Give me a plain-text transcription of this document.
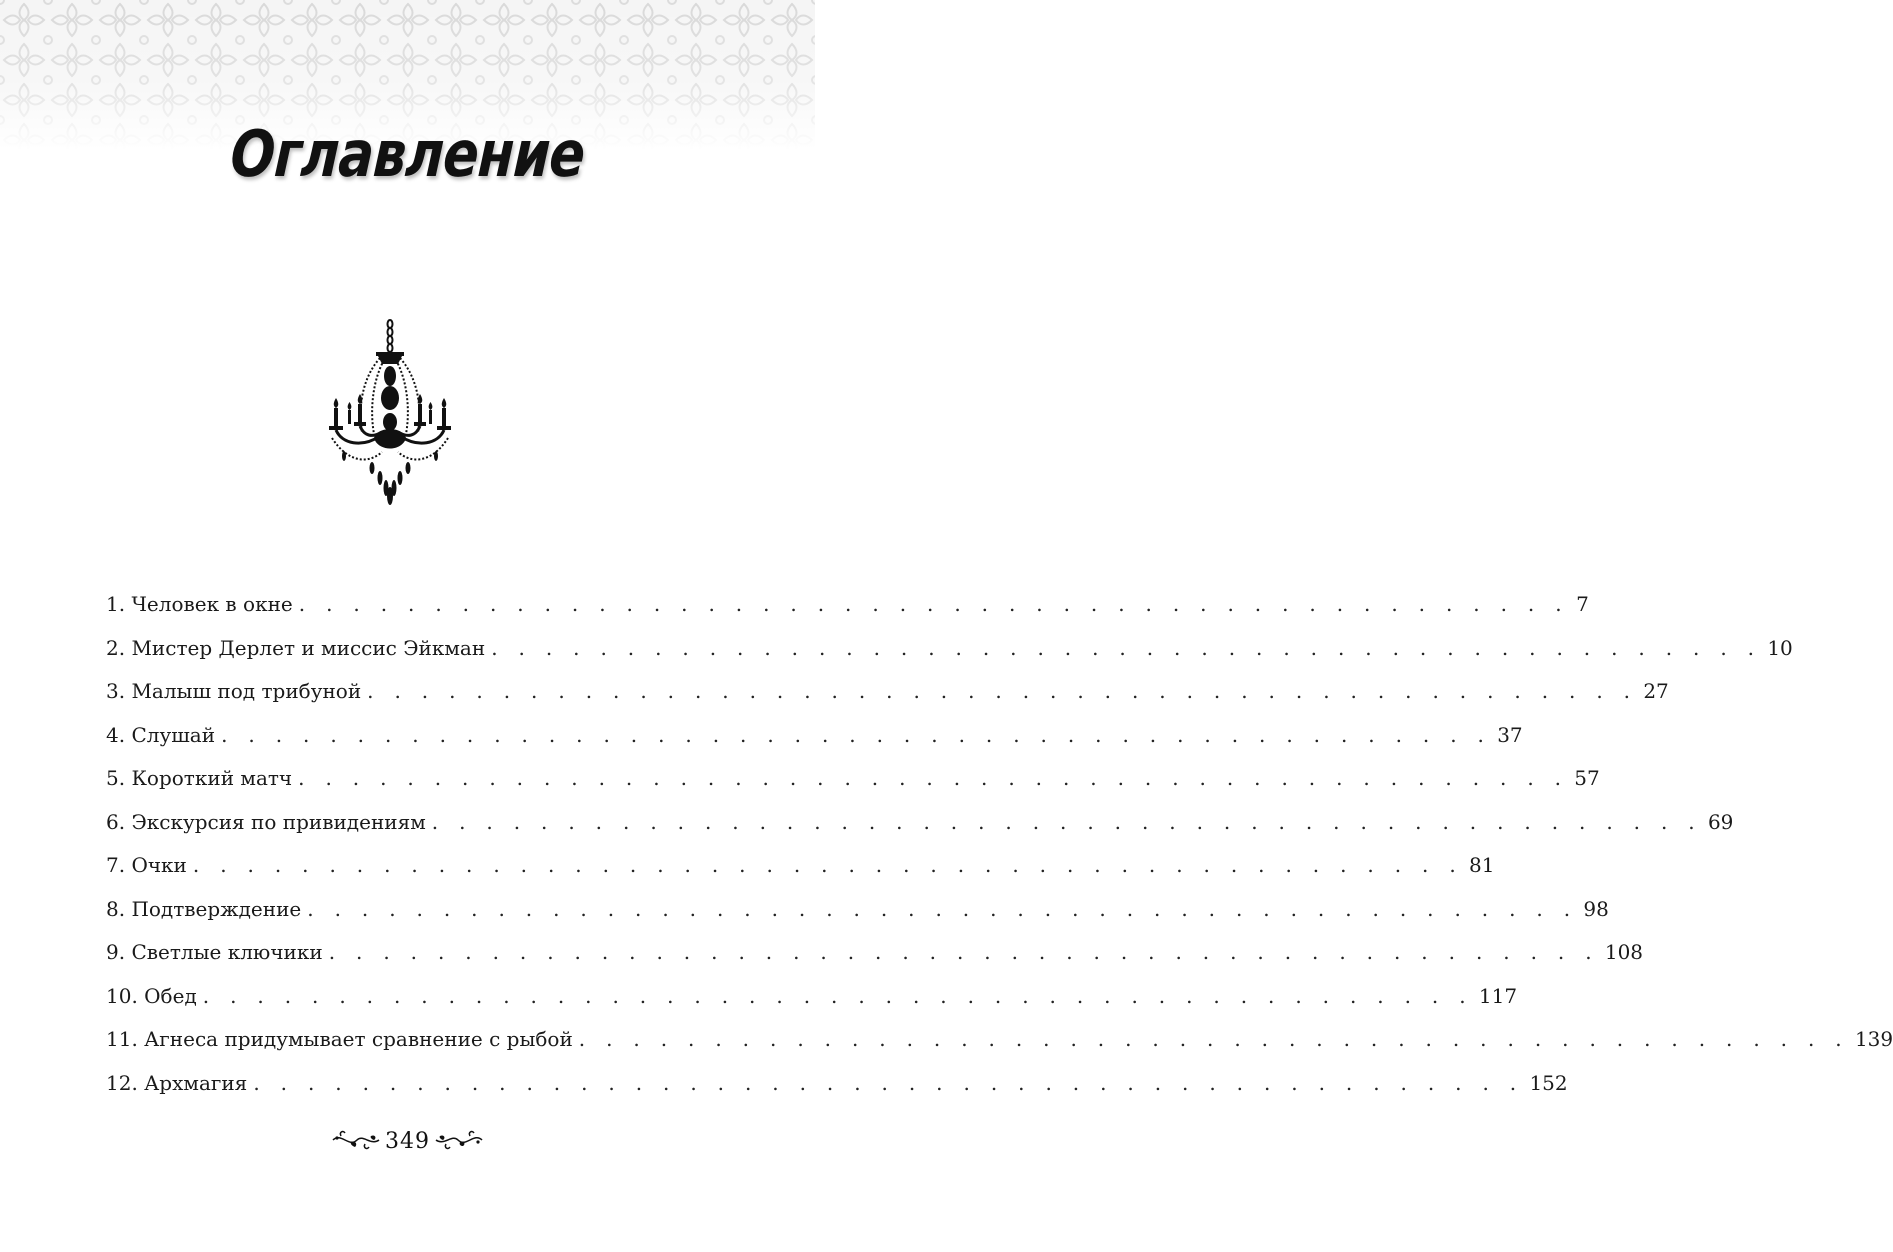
Оглавление
1. Человек в окне . . . . . . . . . . . . . . . . . . . . . . . . . . . . . . . . . . . . . . . . . . . . . . . 7
2. Мистер Дерлет и миссис Эйкман . . . . . . . . . . . . . . . . . . . . . . . . . . . . . . . . . . . . . . . . . . . . . . . 10
3. Малыш под трибуной . . . . . . . . . . . . . . . . . . . . . . . . . . . . . . . . . . . . . . . . . . . . . . . 27
4. Слушай . . . . . . . . . . . . . . . . . . . . . . . . . . . . . . . . . . . . . . . . . . . . . . . 37
5. Короткий матч . . . . . . . . . . . . . . . . . . . . . . . . . . . . . . . . . . . . . . . . . . . . . . . 57
6. Экскурсия по привидениям . . . . . . . . . . . . . . . . . . . . . . . . . . . . . . . . . . . . . . . . . . . . . . . 69
7. Очки . . . . . . . . . . . . . . . . . . . . . . . . . . . . . . . . . . . . . . . . . . . . . . . 81
8. Подтверждение . . . . . . . . . . . . . . . . . . . . . . . . . . . . . . . . . . . . . . . . . . . . . . . 98
9. Светлые ключики . . . . . . . . . . . . . . . . . . . . . . . . . . . . . . . . . . . . . . . . . . . . . . . 108
10. Обед . . . . . . . . . . . . . . . . . . . . . . . . . . . . . . . . . . . . . . . . . . . . . . . 117
11. Агнеса придумывает сравнение с рыбой . . . . . . . . . . . . . . . . . . . . . . . . . . . . . . . . . . . . . . . . . . . . . . . 139
12. Архмагия . . . . . . . . . . . . . . . . . . . . . . . . . . . . . . . . . . . . . . . . . . . . . . . 152
349
